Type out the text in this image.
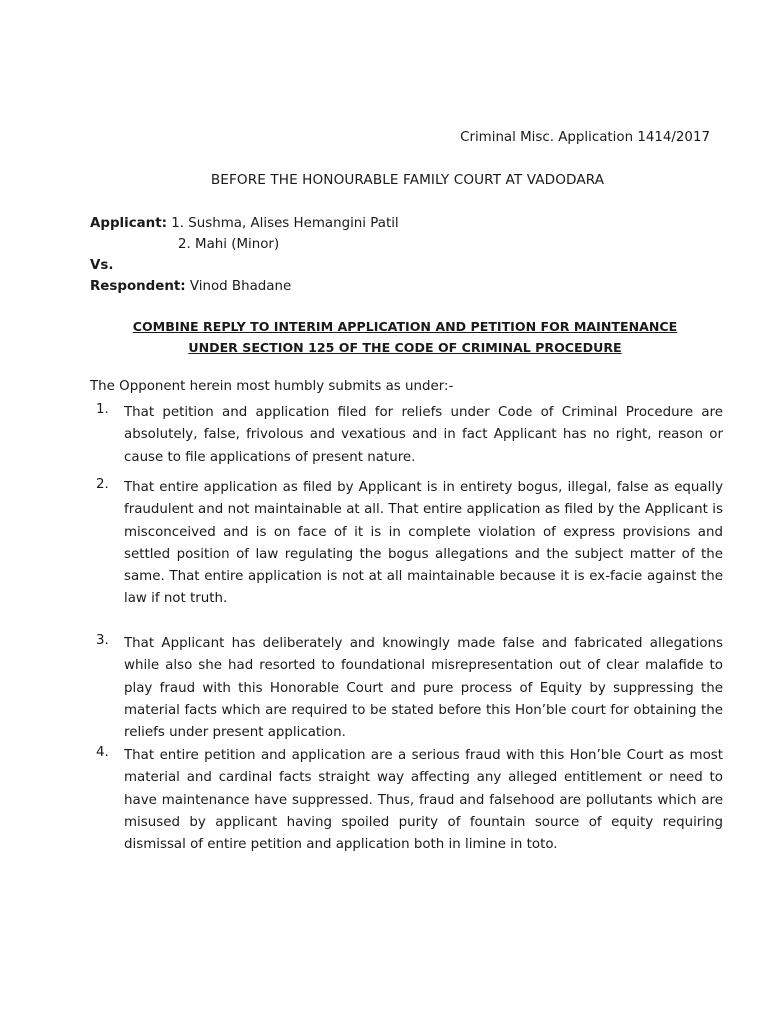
Criminal Misc. Application 1414/2017
BEFORE THE HONOURABLE FAMILY COURT AT VADODARA
Applicant: 1. Sushma, Alises Hemangini Patil
2. Mahi (Minor)
Vs.
Respondent: Vinod Bhadane
COMBINE REPLY TO INTERIM APPLICATION AND PETITION FOR MAINTENANCE
UNDER SECTION 125 OF THE CODE OF CRIMINAL PROCEDURE
The Opponent herein most humbly submits as under:-
1. That petition and application filed for reliefs under Code of Criminal Procedure are absolutely, false, frivolous and vexatious and in fact Applicant has no right, reason or cause to file applications of present nature.
2. That entire application as filed by Applicant is in entirety bogus, illegal, false as equally fraudulent and not maintainable at all. That entire application as filed by the Applicant is misconceived and is on face of it is in complete violation of express provisions and settled position of law regulating the bogus allegations and the subject matter of the same. That entire application is not at all maintainable because it is ex-facie against the law if not truth.
3. That Applicant has deliberately and knowingly made false and fabricated allegations while also she had resorted to foundational misrepresentation out of clear malafide to play fraud with this Honorable Court and pure process of Equity by suppressing the material facts which are required to be stated before this Hon’ble court for obtaining the reliefs under present application.
4. That entire petition and application are a serious fraud with this Hon’ble Court as most material and cardinal facts straight way affecting any alleged entitlement or need to have maintenance have suppressed. Thus, fraud and falsehood are pollutants which are misused by applicant having spoiled purity of fountain source of equity requiring dismissal of entire petition and application both in limine in toto.
